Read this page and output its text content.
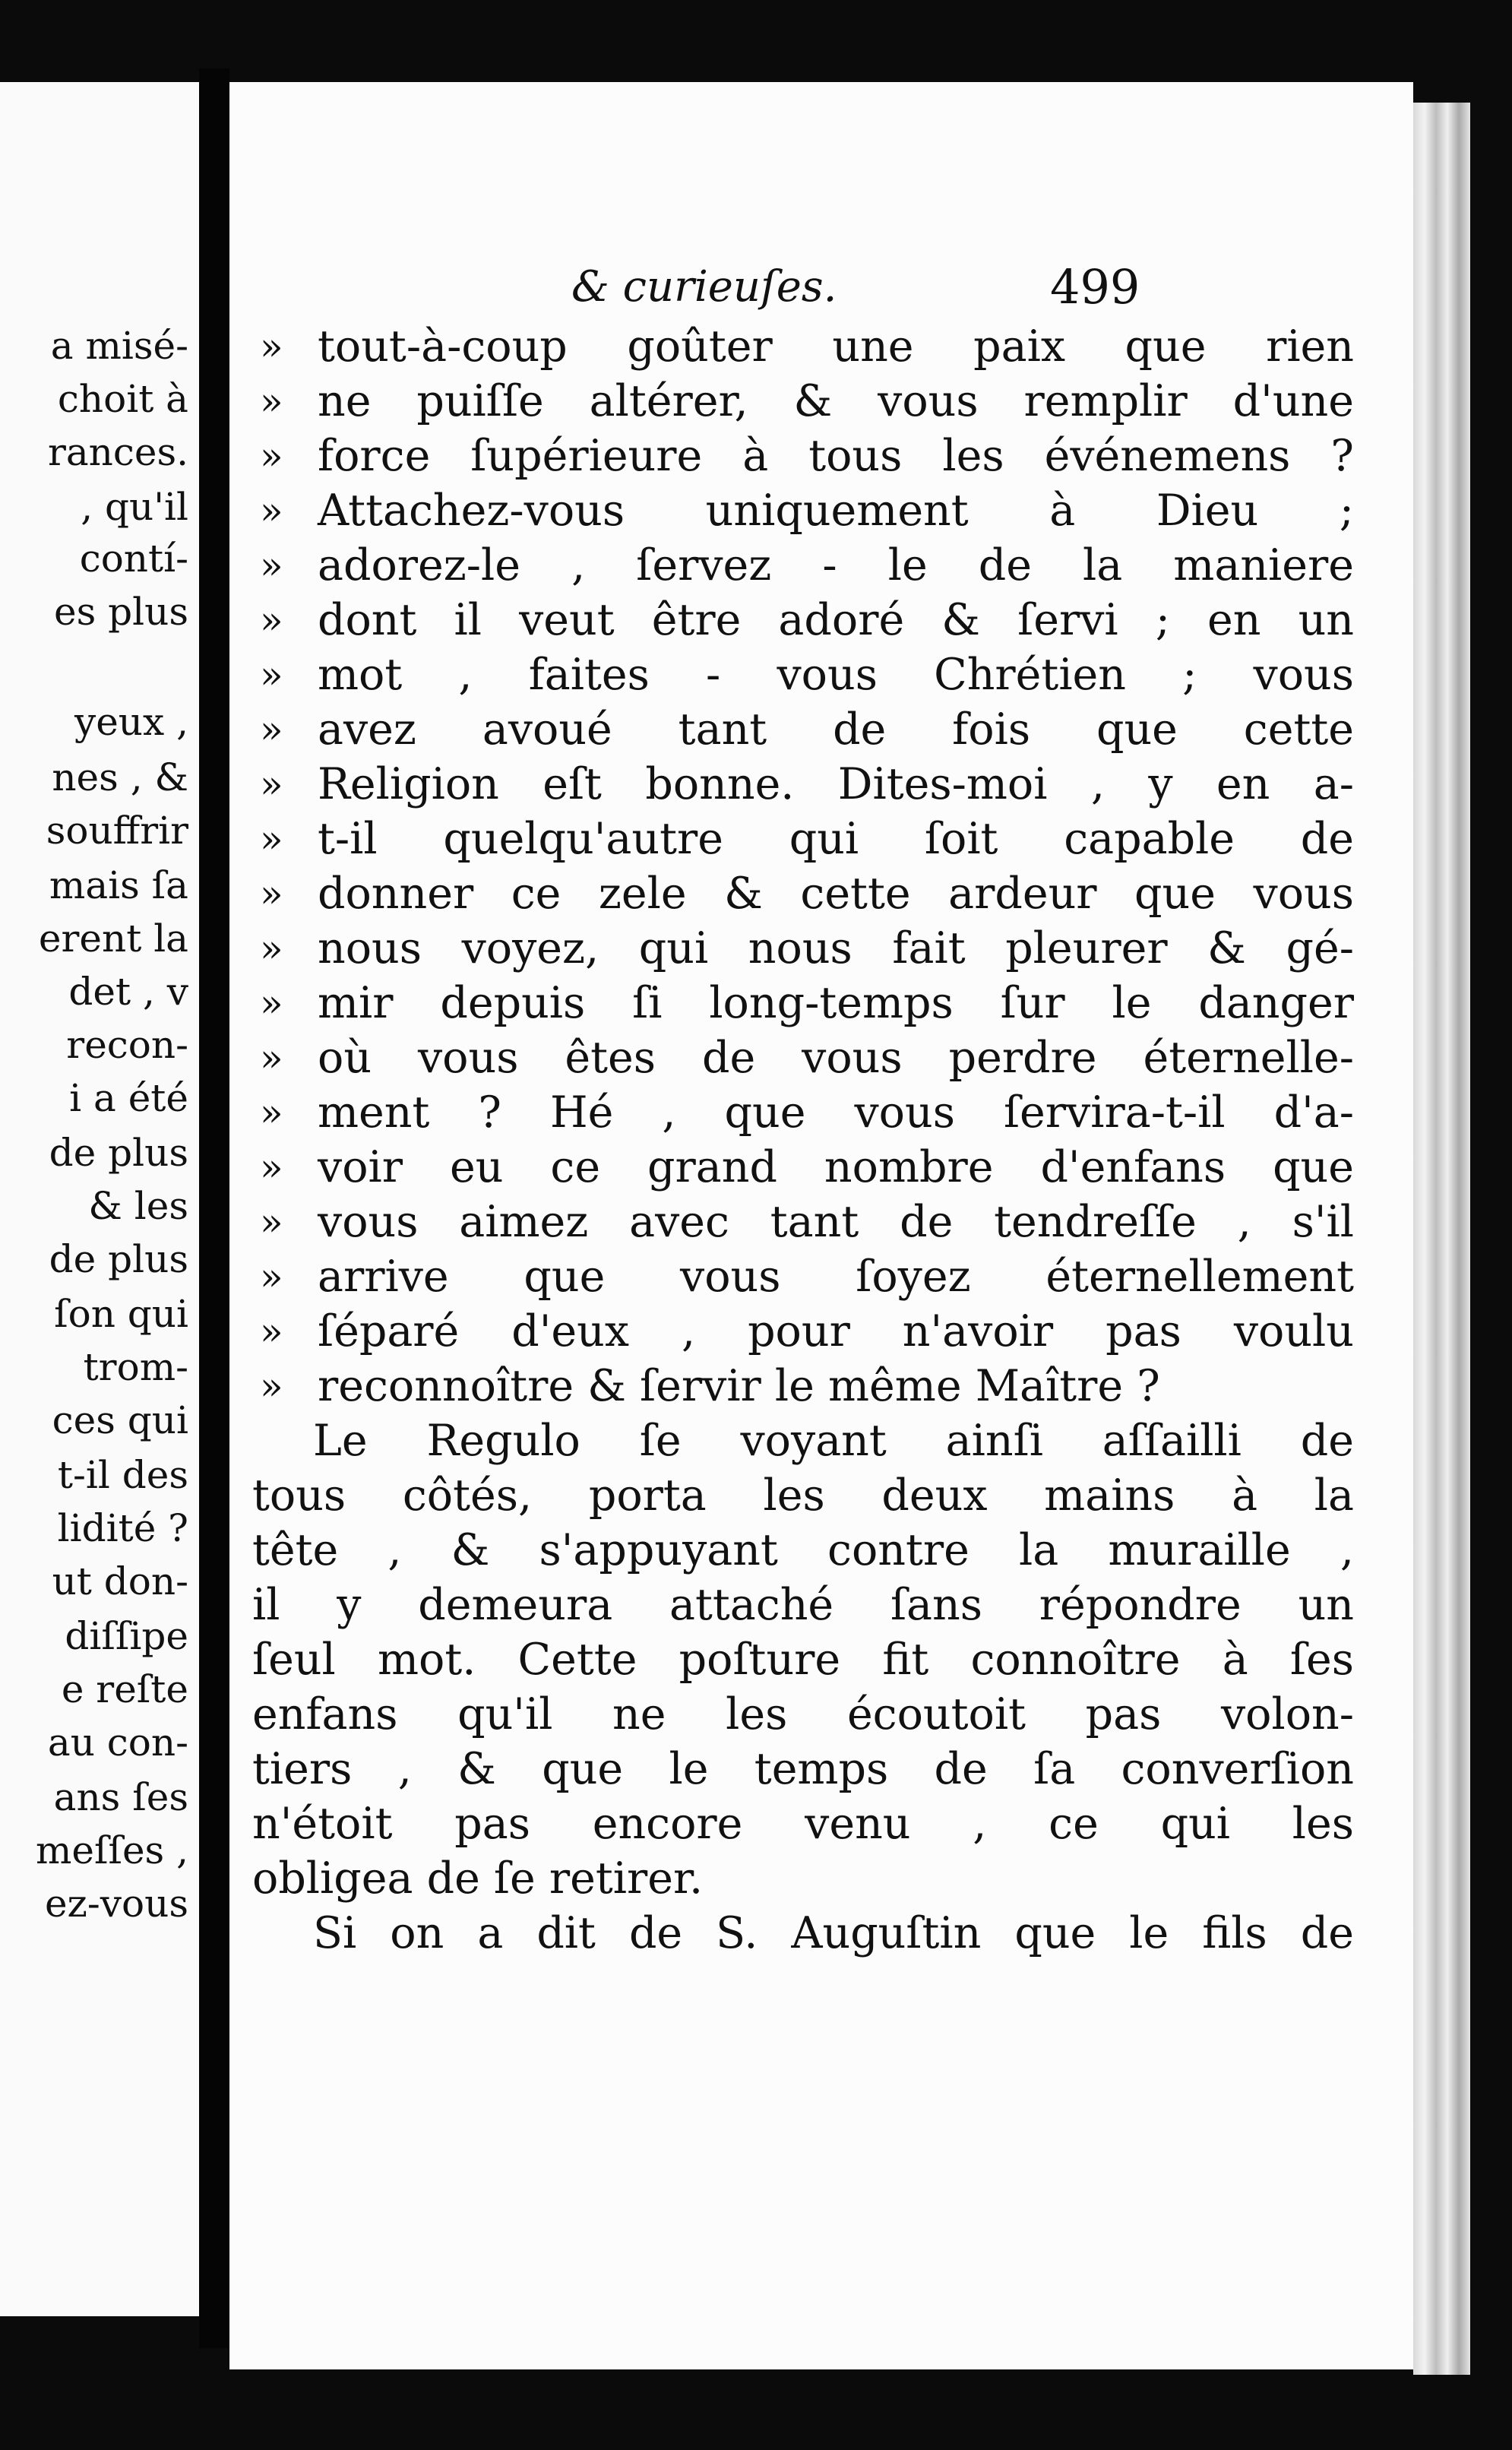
a misé-
choit à
rances.
, qu'il
contí-
es plus
yeux ,
nes , &
souffrir
mais ſa
erent la
det , v
recon-
i a été
de plus
& les
de plus
ſon qui
trom-
ces qui
t-il des
lidité ?
ut don-
diſſipe
e reſte
au con-
ans ſes
meſſes ,
ez-vous
& curieuſes.	499
» tout-à-coup goûter une paix que rien
» ne puiſſe altérer, & vous remplir d'une
» force ſupérieure à tous les événemens ?
» Attachez-vous uniquement à Dieu ;
» adorez-le , ſervez - le de la maniere
» dont il veut être adoré & ſervi ; en un
» mot , faites - vous Chrétien ; vous
» avez avoué tant de fois que cette
» Religion eſt bonne. Dites-moi , y en a-
» t-il quelqu'autre qui ſoit capable de
» donner ce zele & cette ardeur que vous
» nous voyez, qui nous fait pleurer & gé-
» mir depuis ſi long-temps ſur le danger
» où vous êtes de vous perdre éternelle-
» ment ? Hé , que vous ſervira-t-il d'a-
» voir eu ce grand nombre d'enfans que
» vous aimez avec tant de tendreſſe , s'il
» arrive que vous ſoyez éternellement
» ſéparé d'eux , pour n'avoir pas voulu
» reconnoître & ſervir le même Maître ?
Le Regulo ſe voyant ainſi aſſailli de
tous côtés, porta les deux mains à la
tête , & s'appuyant contre la muraille ,
il y demeura attaché ſans répondre un
ſeul mot. Cette poſture fit connoître à ſes
enfans qu'il ne les écoutoit pas volon-
tiers , & que le temps de ſa converſion
n'étoit pas encore venu , ce qui les
obligea de ſe retirer.
Si on a dit de S. Auguſtin que le fils de
